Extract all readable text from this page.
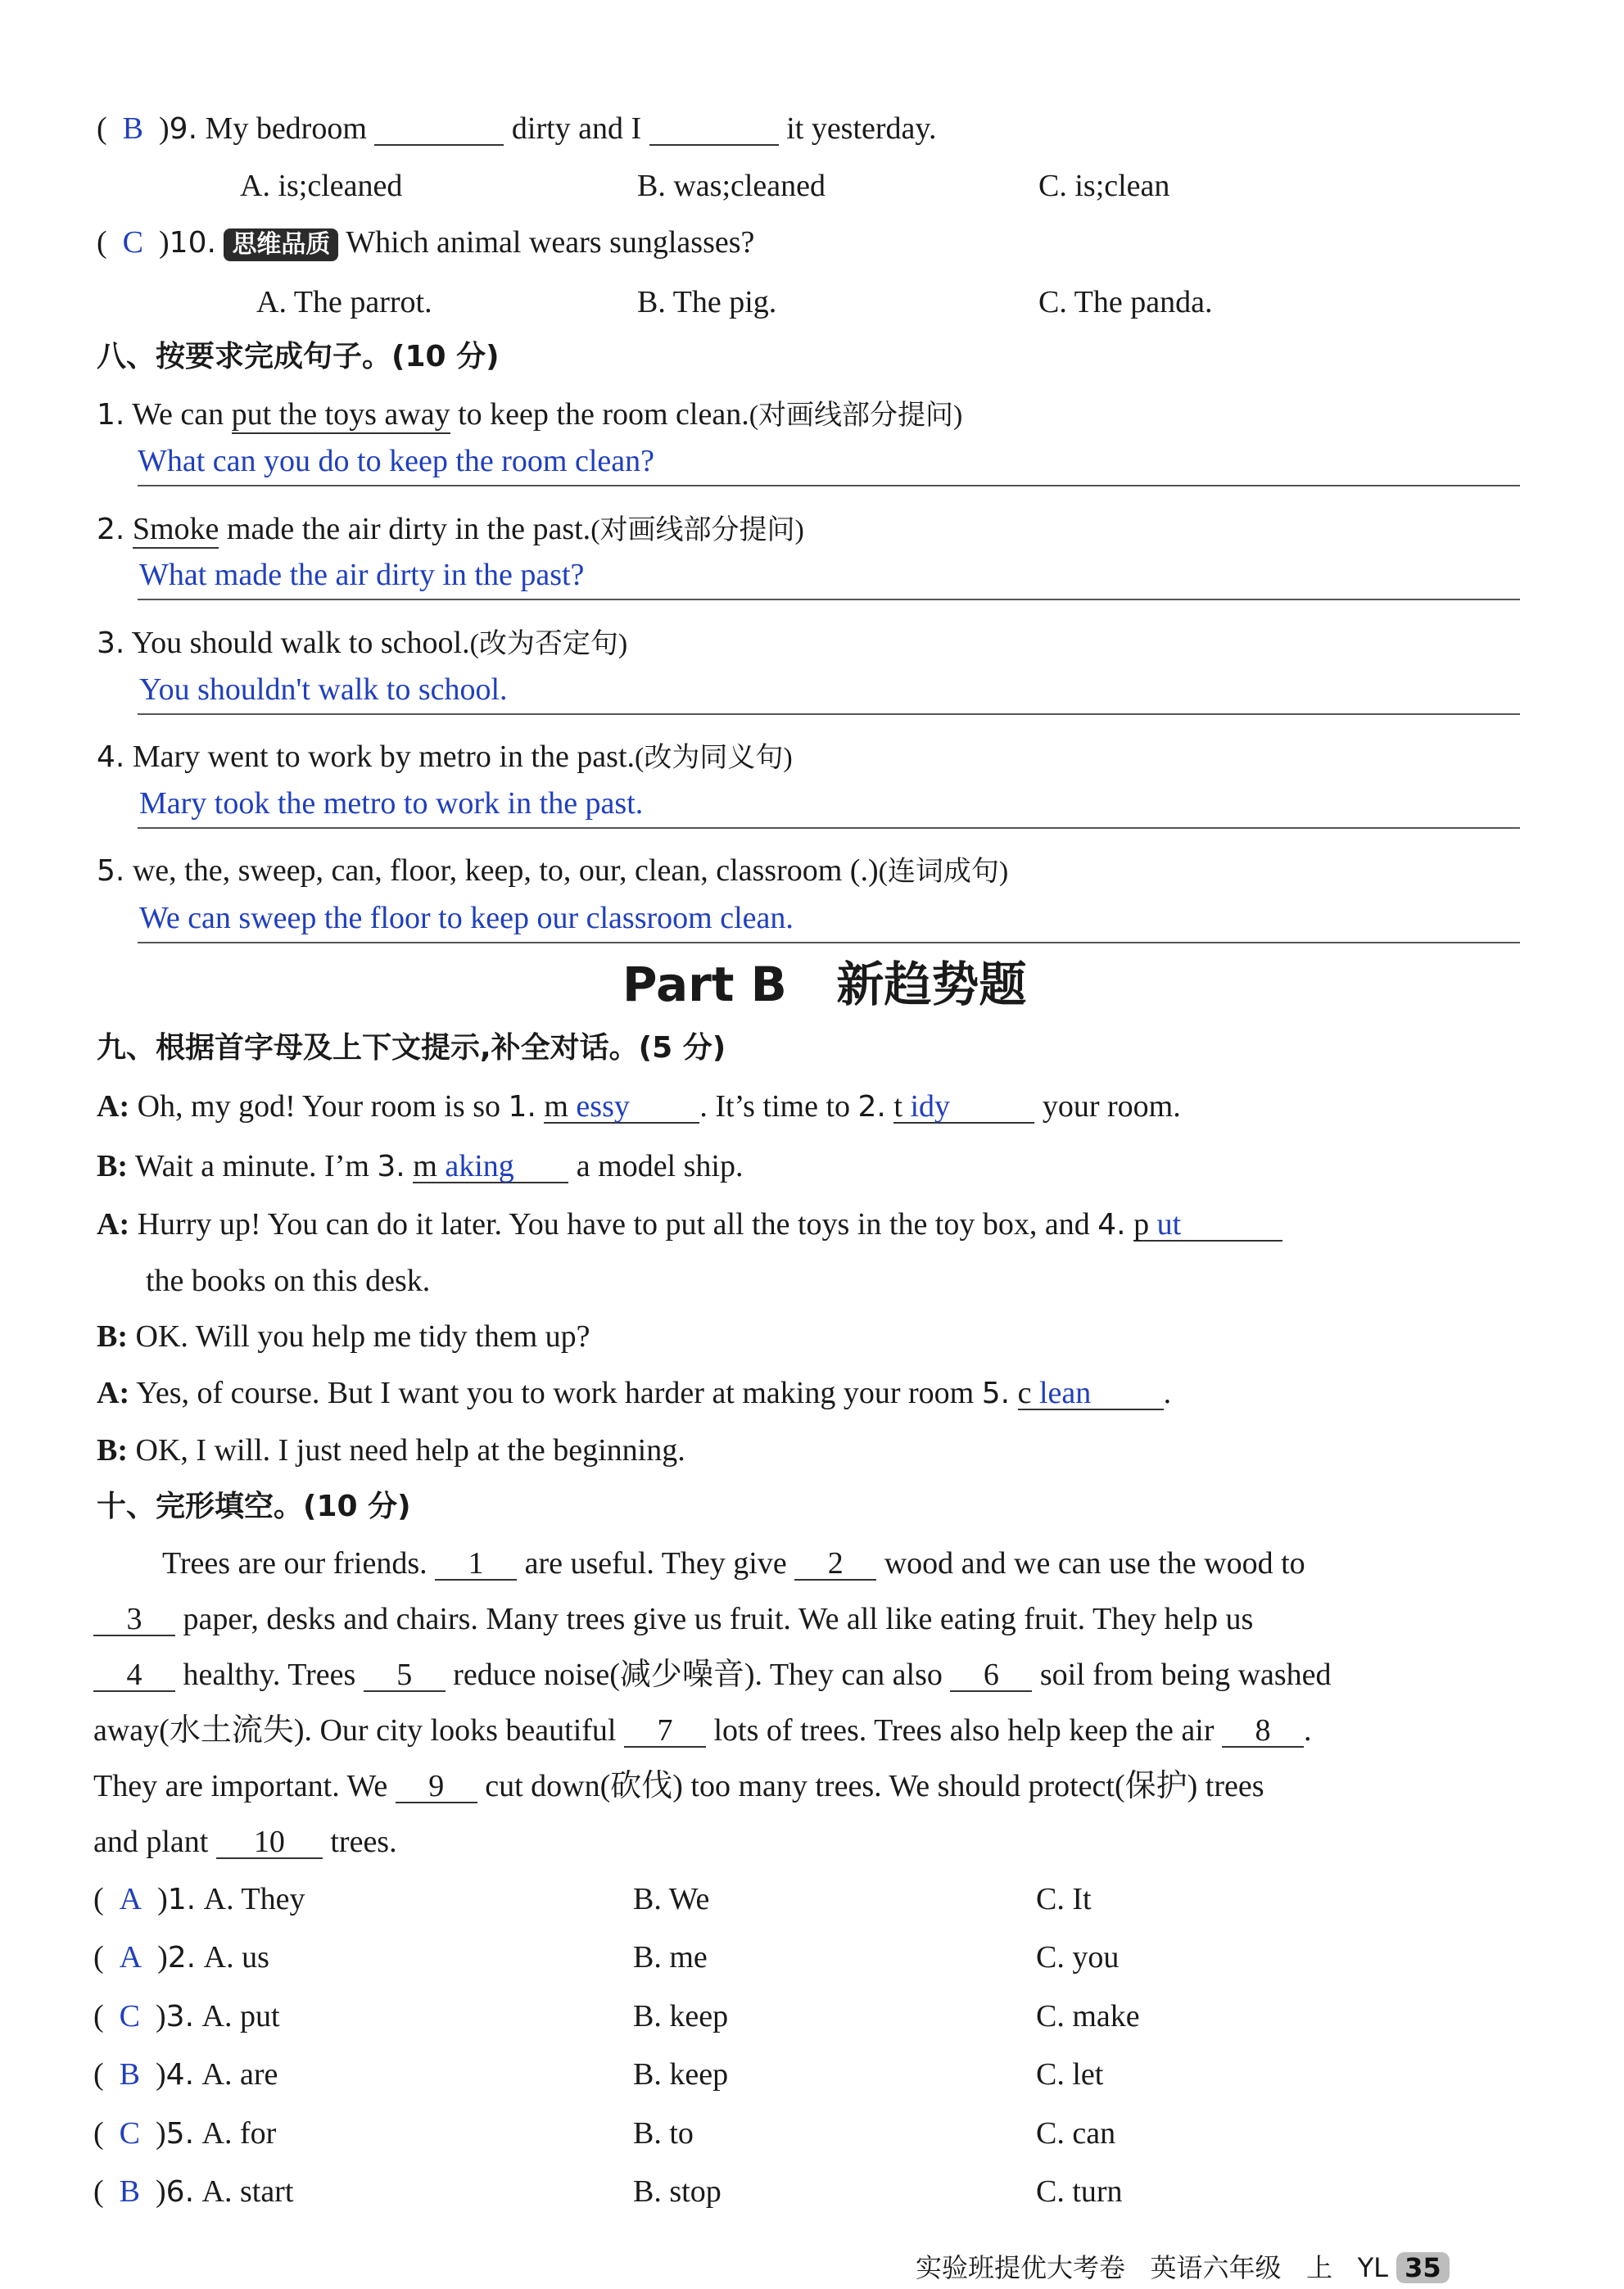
( B )9. My bedroom	dirty and I	it yesterday.
A. is;cleaned	B. was;cleaned	C. is;clean
( C )10. 思维品质 Which animal wears sunglasses?
A. The parrot.	B. The pig.	C. The panda.
八、按要求完成句子。(10 分)
1. We can put the toys away to keep the room clean.(对画线部分提问)
What can you do to keep the room clean?
2. Smoke made the air dirty in the past.(对画线部分提问)
What made the air dirty in the past?
3. You should walk to school.(改为否定句)
You shouldn't walk to school.
4. Mary went to work by metro in the past.(改为同义句)
Mary took the metro to work in the past.
5. we, the, sweep, can, floor, keep, to, our, clean, classroom (.)(连词成句)
We can sweep the floor to keep our classroom clean.
Part B 新趋势题
九、根据首字母及上下文提示,补全对话。(5 分)
A: Oh, my god! Your room is so 1. m essy . It’s time to 2. t idy	your room.
B: Wait a minute. I’m 3. m aking a model ship.
A: Hurry up! You can do it later. You have to put all the toys in the toy box, and 4. p ut
the books on this desk.
B: OK. Will you help me tidy them up?
A: Yes, of course. But I want you to work harder at making your room 5. c lean .
B: OK, I will. I just need help at the beginning.
十、完形填空。(10 分)
Trees are our friends. 1 are useful. They give 2 wood and we can use the wood to
3 paper, desks and chairs. Many trees give us fruit. We all like eating fruit. They help us
4 healthy. Trees 5 reduce noise(减少噪音). They can also 6 soil from being washed
away(水土流失). Our city looks beautiful 7 lots of trees. Trees also help keep the air 8 .
They are important. We 9 cut down(砍伐) too many trees. We should protect(保护) trees
and plant 10 trees.
( A )1. A. They	B. We	C. It
( A )2. A. us	B. me	C. you
( C )3. A. put	B. keep	C. make
( B )4. A. are	B. keep	C. let
( C )5. A. for	B. to	C. can
( B )6. A. start	B. stop	C. turn
实验班提优大考卷 英语六年级 上 YL 35
